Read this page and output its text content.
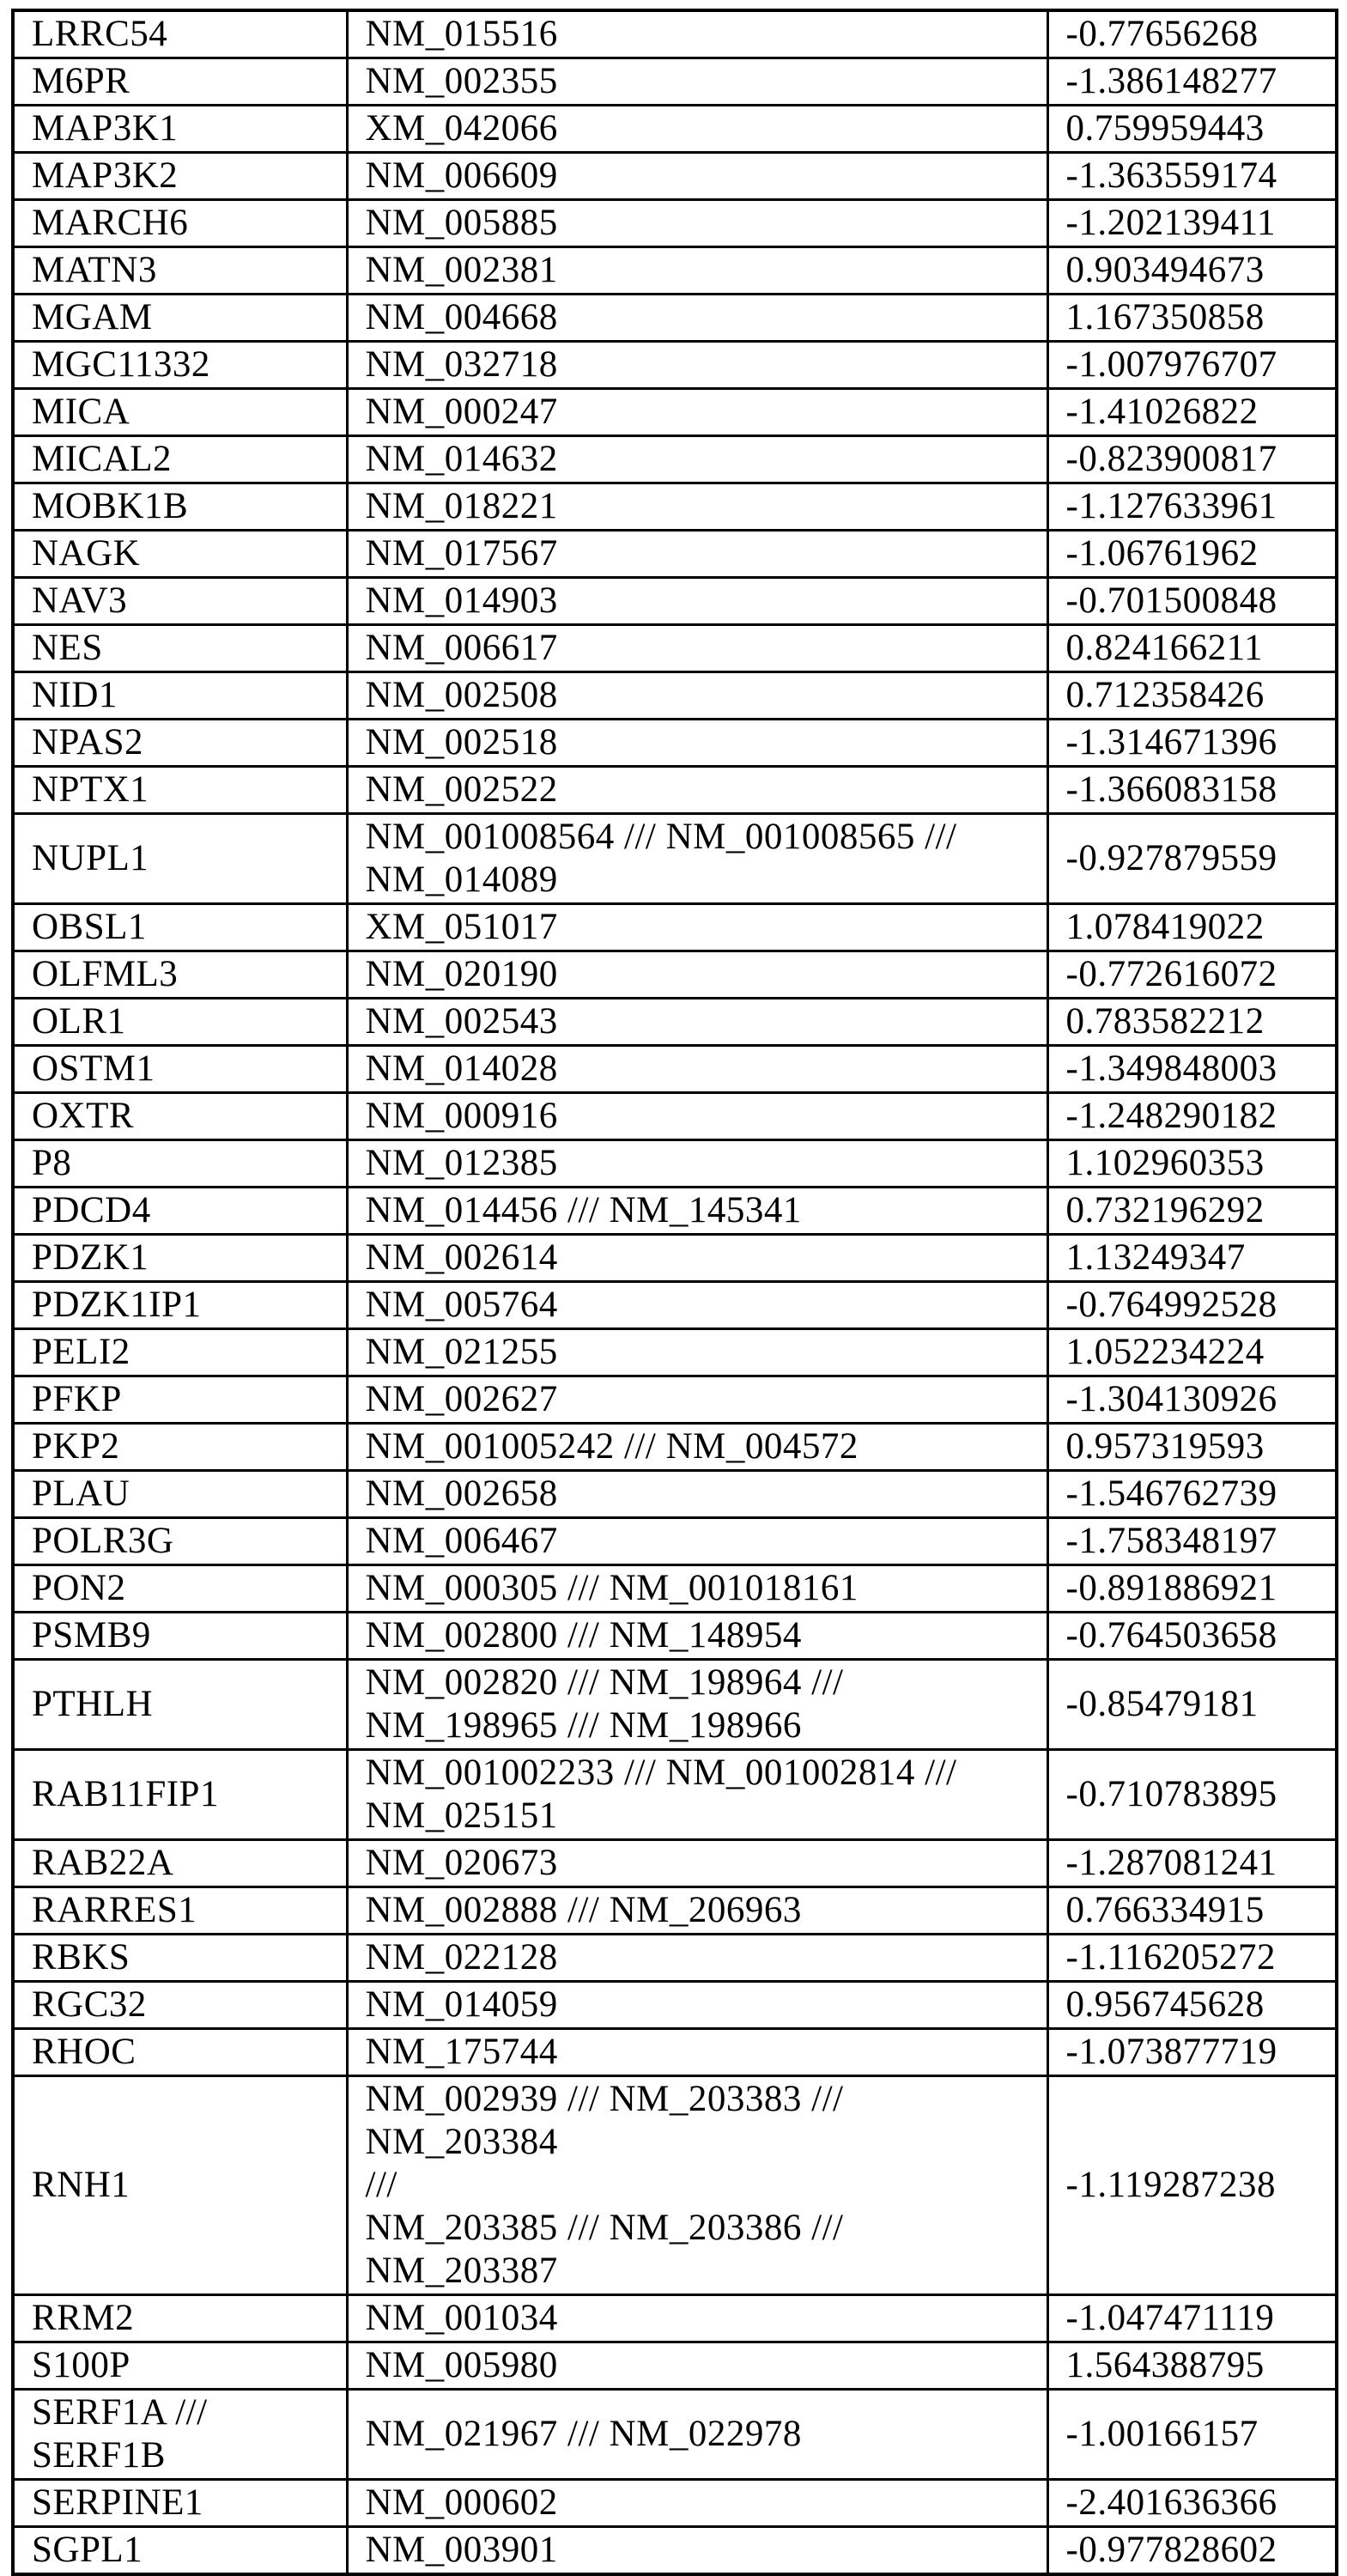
LRRC54	NM_015516	-0.77656268
M6PR	NM_002355	-1.386148277
MAP3K1	XM_042066	0.759959443
MAP3K2	NM_006609	-1.363559174
MARCH6	NM_005885	-1.202139411
MATN3	NM_002381	0.903494673
MGAM	NM_004668	1.167350858
MGC11332	NM_032718	-1.007976707
MICA	NM_000247	-1.41026822
MICAL2	NM_014632	-0.823900817
MOBK1B	NM_018221	-1.127633961
NAGK	NM_017567	-1.06761962
NAV3	NM_014903	-0.701500848
NES	NM_006617	0.824166211
NID1	NM_002508	0.712358426
NPAS2	NM_002518	-1.314671396
NPTX1	NM_002522	-1.366083158
NUPL1	NM_001008564 /// NM_001008565 ///
NM_014089	-0.927879559
OBSL1	XM_051017	1.078419022
OLFML3	NM_020190	-0.772616072
OLR1	NM_002543	0.783582212
OSTM1	NM_014028	-1.349848003
OXTR	NM_000916	-1.248290182
P8	NM_012385	1.102960353
PDCD4	NM_014456 /// NM_145341	0.732196292
PDZK1	NM_002614	1.13249347
PDZK1IP1	NM_005764	-0.764992528
PELI2	NM_021255	1.052234224
PFKP	NM_002627	-1.304130926
PKP2	NM_001005242 /// NM_004572	0.957319593
PLAU	NM_002658	-1.546762739
POLR3G	NM_006467	-1.758348197
PON2	NM_000305 /// NM_001018161	-0.891886921
PSMB9	NM_002800 /// NM_148954	-0.764503658
PTHLH	NM_002820 /// NM_198964 ///
NM_198965 /// NM_198966	-0.85479181
RAB11FIP1	NM_001002233 /// NM_001002814 ///
NM_025151	-0.710783895
RAB22A	NM_020673	-1.287081241
RARRES1	NM_002888 /// NM_206963	0.766334915
RBKS	NM_022128	-1.116205272
RGC32	NM_014059	0.956745628
RHOC	NM_175744	-1.073877719
RNH1	NM_002939 /// NM_203383 /// NM_203384
///
NM_203385 /// NM_203386 /// NM_203387	-1.119287238
RRM2	NM_001034	-1.047471119
S100P	NM_005980	1.564388795
SERF1A ///
SERF1B	NM_021967 /// NM_022978	-1.00166157
SERPINE1	NM_000602	-2.401636366
SGPL1	NM_003901	-0.977828602
